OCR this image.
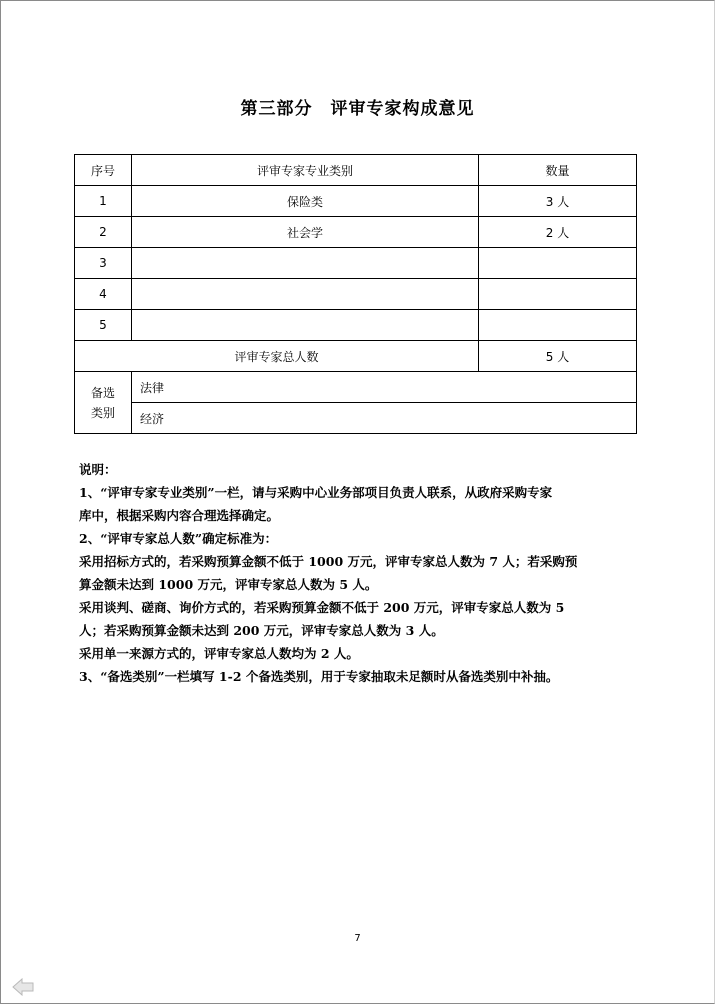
第三部分　评审专家构成意见
序号	评审专家专业类别	数量
1	保险类	3 人
2	社会学	2 人
3		
4		
5		
评审专家总人数		5 人
备选
类别	法律	
	经济	

说明：

1、“评审专家专业类别”一栏，请与采购中心业务部项目负责人联系，从政府采购专家

库中，根据采购内容合理选择确定。

2、“评审专家总人数”确定标准为：

采用招标方式的，若采购预算金额不低于 1000 万元，评审专家总人数为 7 人；若采购预

算金额未达到 1000 万元，评审专家总人数为 5 人。

采用谈判、磋商、询价方式的，若采购预算金额不低于 200 万元，评审专家总人数为 5

人；若采购预算金额未达到 200 万元，评审专家总人数为 3 人。

采用单一来源方式的，评审专家总人数均为 2 人。

3、“备选类别”一栏填写 1-2 个备选类别，用于专家抽取未足额时从备选类别中补抽。

7
